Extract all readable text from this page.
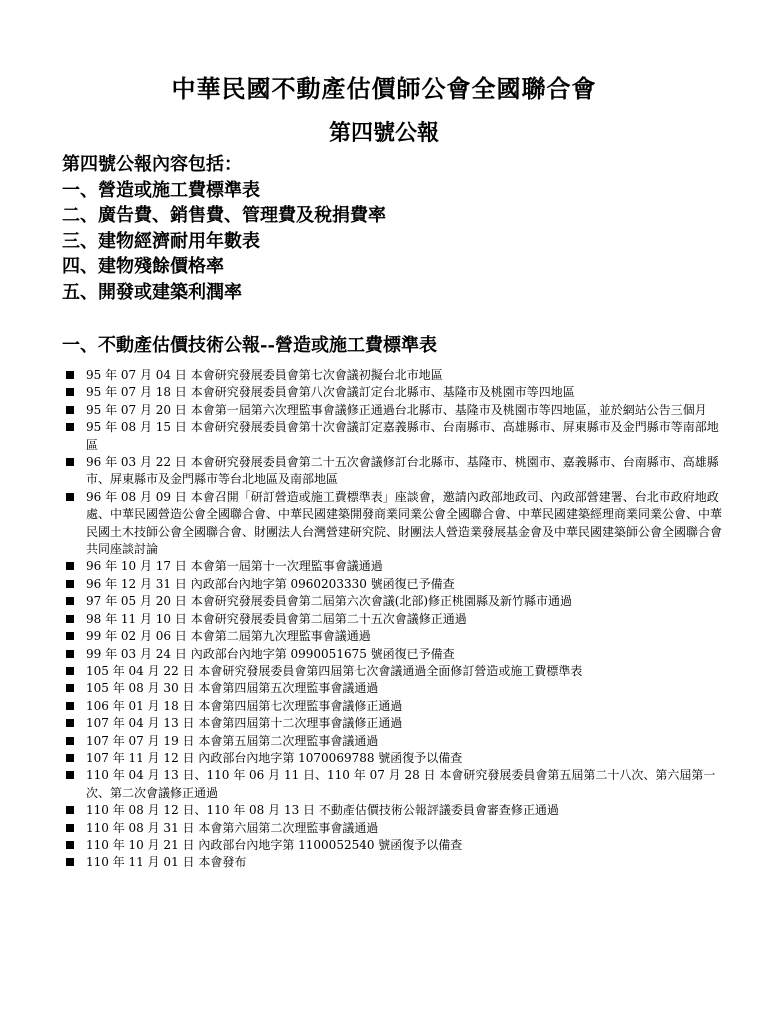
中華民國不動產估價師公會全國聯合會
第四號公報
第四號公報內容包括：
一、營造或施工費標準表
二、廣告費、銷售費、管理費及稅捐費率
三、建物經濟耐用年數表
四、建物殘餘價格率
五、開發或建築利潤率
一、不動產估價技術公報--營造或施工費標準表
95 年 07 月 04 日 本會研究發展委員會第七次會議初擬台北市地區
95 年 07 月 18 日 本會研究發展委員會第八次會議訂定台北縣市、基隆市及桃園市等四地區
95 年 07 月 20 日 本會第一屆第六次理監事會議修正通過台北縣市、基隆市及桃園市等四地區，並於網站公告三個月
95 年 08 月 15 日 本會研究發展委員會第十次會議訂定嘉義縣市、台南縣市、高雄縣市、屏東縣市及金門縣市等南部地區
96 年 03 月 22 日 本會研究發展委員會第二十五次會議修訂台北縣市、基隆市、桃園市、嘉義縣市、台南縣市、高雄縣市、屏東縣市及金門縣市等台北地區及南部地區
96 年 08 月 09 日 本會召開「研訂營造或施工費標準表」座談會，邀請內政部地政司、內政部營建署、台北市政府地政處、中華民國營造公會全國聯合會、中華民國建築開發商業同業公會全國聯合會、中華民國建築經理商業同業公會、中華民國土木技師公會全國聯合會、財團法人台灣營建研究院、財團法人營造業發展基金會及中華民國建築師公會全國聯合會共同座談討論
96 年 10 月 17 日 本會第一屆第十一次理監事會議通過
96 年 12 月 31 日 內政部台內地字第 0960203330 號函復已予備查
97 年 05 月 20 日 本會研究發展委員會第二屆第六次會議(北部)修正桃園縣及新竹縣市通過
98 年 11 月 10 日 本會研究發展委員會第二屆第二十五次會議修正通過
99 年 02 月 06 日 本會第二屆第九次理監事會議通過
99 年 03 月 24 日 內政部台內地字第 0990051675 號函復已予備查
105 年 04 月 22 日 本會研究發展委員會第四屆第七次會議通過全面修訂營造或施工費標準表
105 年 08 月 30 日 本會第四屆第五次理監事會議通過
106 年 01 月 18 日 本會第四屆第七次理監事會議修正通過
107 年 04 月 13 日 本會第四屆第十二次理事會議修正通過
107 年 07 月 19 日 本會第五屆第二次理監事會議通過
107 年 11 月 12 日 內政部台內地字第 1070069788 號函復予以備查
110 年 04 月 13 日、110 年 06 月 11 日、110 年 07 月 28 日 本會研究發展委員會第五屆第二十八次、第六屆第一次、第二次會議修正通過
110 年 08 月 12 日、110 年 08 月 13 日 不動產估價技術公報評議委員會審查修正通過
110 年 08 月 31 日 本會第六屆第二次理監事會議通過
110 年 10 月 21 日 內政部台內地字第 1100052540 號函復予以備查
110 年 11 月 01 日 本會發布
